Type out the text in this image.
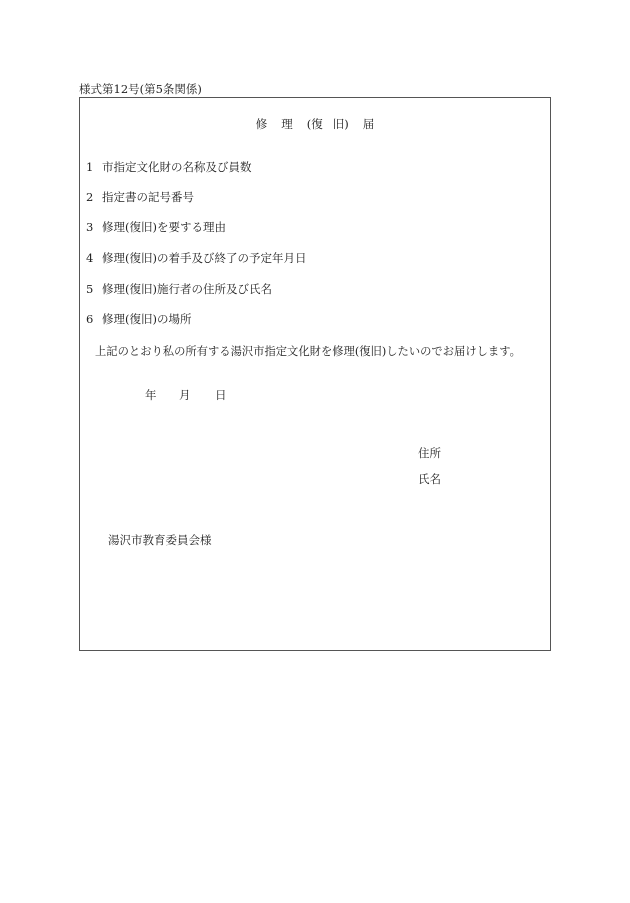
様式第12号(第5条関係)
修 理 (復 旧) 届
1 市指定文化財の名称及び員数
2 指定書の記号番号
3 修理(復旧)を要する理由
4 修理(復旧)の着手及び終了の予定年月日
5 修理(復旧)施行者の住所及び氏名
6 修理(復旧)の場所
上記のとおり私の所有する湯沢市指定文化財を修理(復旧)したいのでお届けします。
年 月 日
住所
氏名
湯沢市教育委員会様
